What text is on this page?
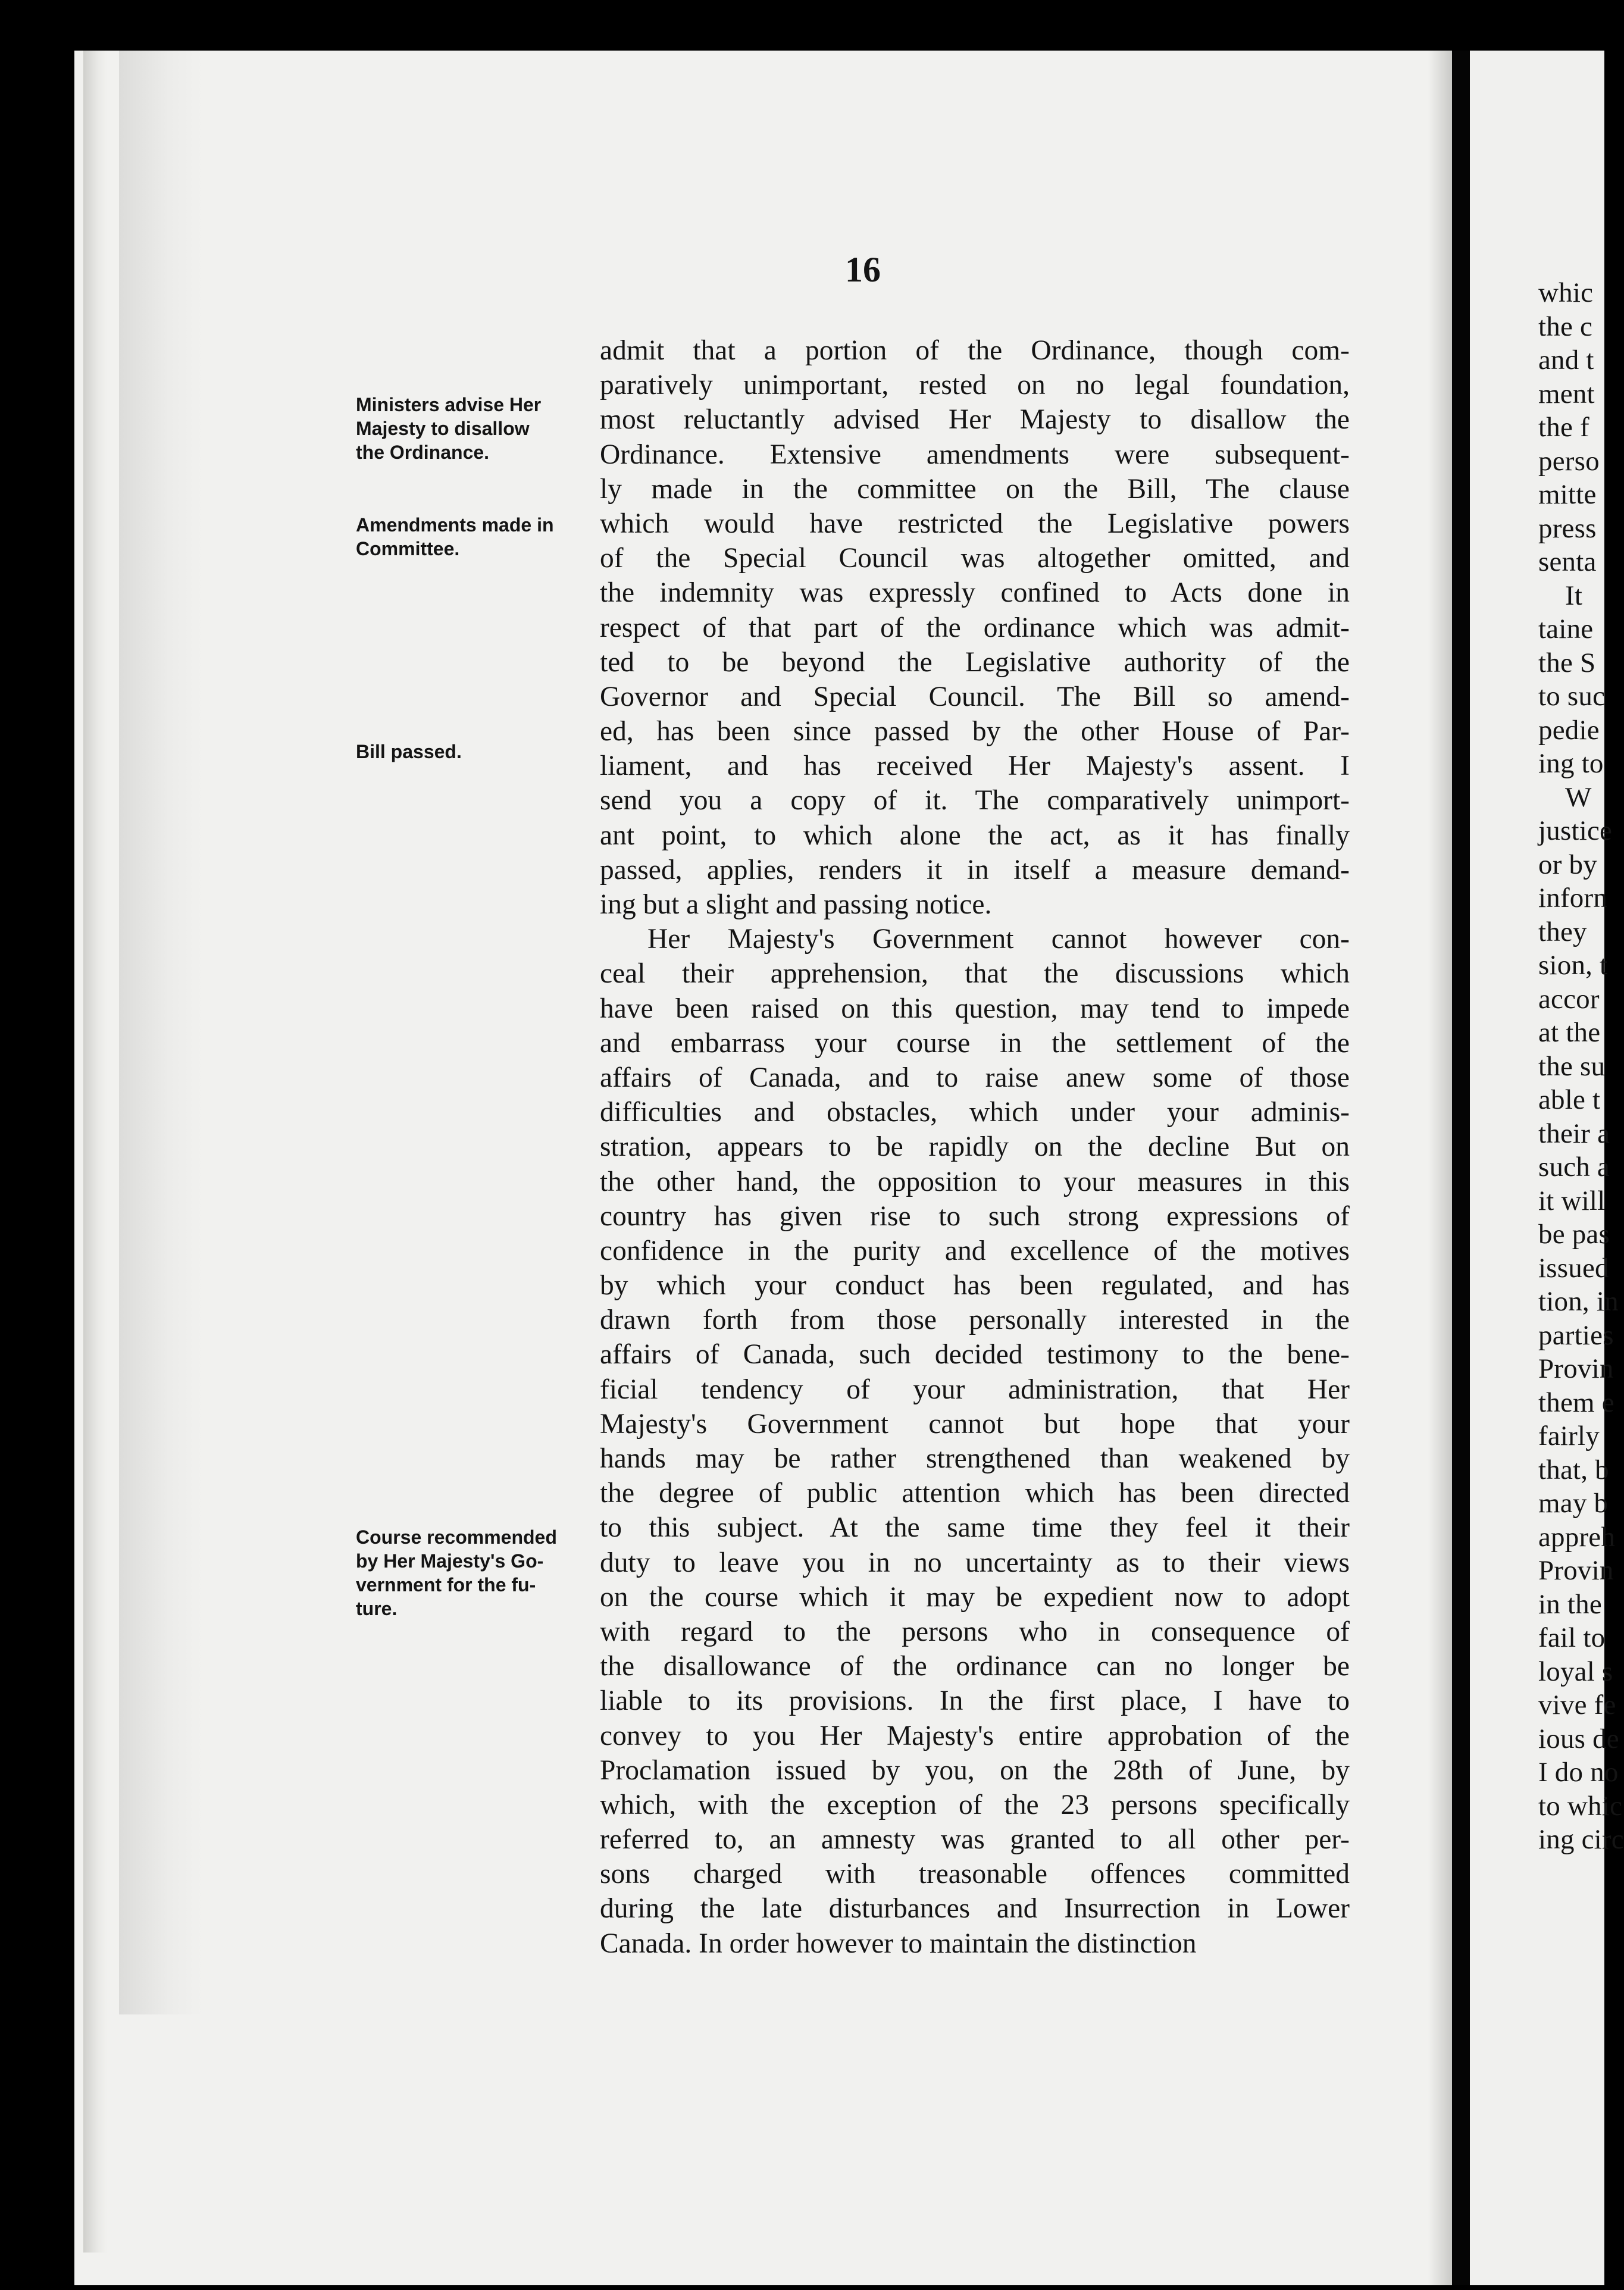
whic
the c
and t
ment
the f
perso
mitte
press
senta
It
taine
the S
to suc
pedie
ing to
W
justice
or by
inforn
they
sion, t
accor
at the
the su
able t
their a
such a
it will
be pas
issued
tion, in
parties
Provin
them e
fairly
that, b
may b
appreh
Provin
in the
fail to
loyal s
vive fe
ious de
I do no
to whic
ing circ
16
Ministers advise Her
Majesty to disallow
the Ordinance.
Amendments made in
Committee.
Bill passed.
Course recommended
by Her Majesty's Go-
vernment for the fu-
ture.
admit that a portion of the Ordinance, though com-
paratively unimportant, rested on no legal foundation,
most reluctantly advised Her Majesty to disallow the
Ordinance. Extensive amendments were subsequent-
ly made in the committee on the Bill, The clause
which would have restricted the Legislative powers
of the Special Council was altogether omitted, and
the indemnity was expressly confined to Acts done in
respect of that part of the ordinance which was admit-
ted to be beyond the Legislative authority of the
Governor and Special Council. The Bill so amend-
ed, has been since passed by the other House of Par-
liament, and has received Her Majesty's assent. I
send you a copy of it. The comparatively unimport-
ant point, to which alone the act, as it has finally
passed, applies, renders it in itself a measure demand-
ing but a slight and passing notice.
Her Majesty's Government cannot however con-
ceal their apprehension, that the discussions which
have been raised on this question, may tend to impede
and embarrass your course in the settlement of the
affairs of Canada, and to raise anew some of those
difficulties and obstacles, which under your adminis-
stration, appears to be rapidly on the decline But on
the other hand, the opposition to your measures in this
country has given rise to such strong expressions of
confidence in the purity and excellence of the motives
by which your conduct has been regulated, and has
drawn forth from those personally interested in the
affairs of Canada, such decided testimony to the bene-
ficial tendency of your administration, that Her
Majesty's Government cannot but hope that your
hands may be rather strengthened than weakened by
the degree of public attention which has been directed
to this subject. At the same time they feel it their
duty to leave you in no uncertainty as to their views
on the course which it may be expedient now to adopt
with regard to the persons who in consequence of
the disallowance of the ordinance can no longer be
liable to its provisions. In the first place, I have to
convey to you Her Majesty's entire approbation of the
Proclamation issued by you, on the 28th of June, by
which, with the exception of the 23 persons specifically
referred to, an amnesty was granted to all other per-
sons charged with treasonable offences committed
during the late disturbances and Insurrection in Lower
Canada. In order however to maintain the distinction
